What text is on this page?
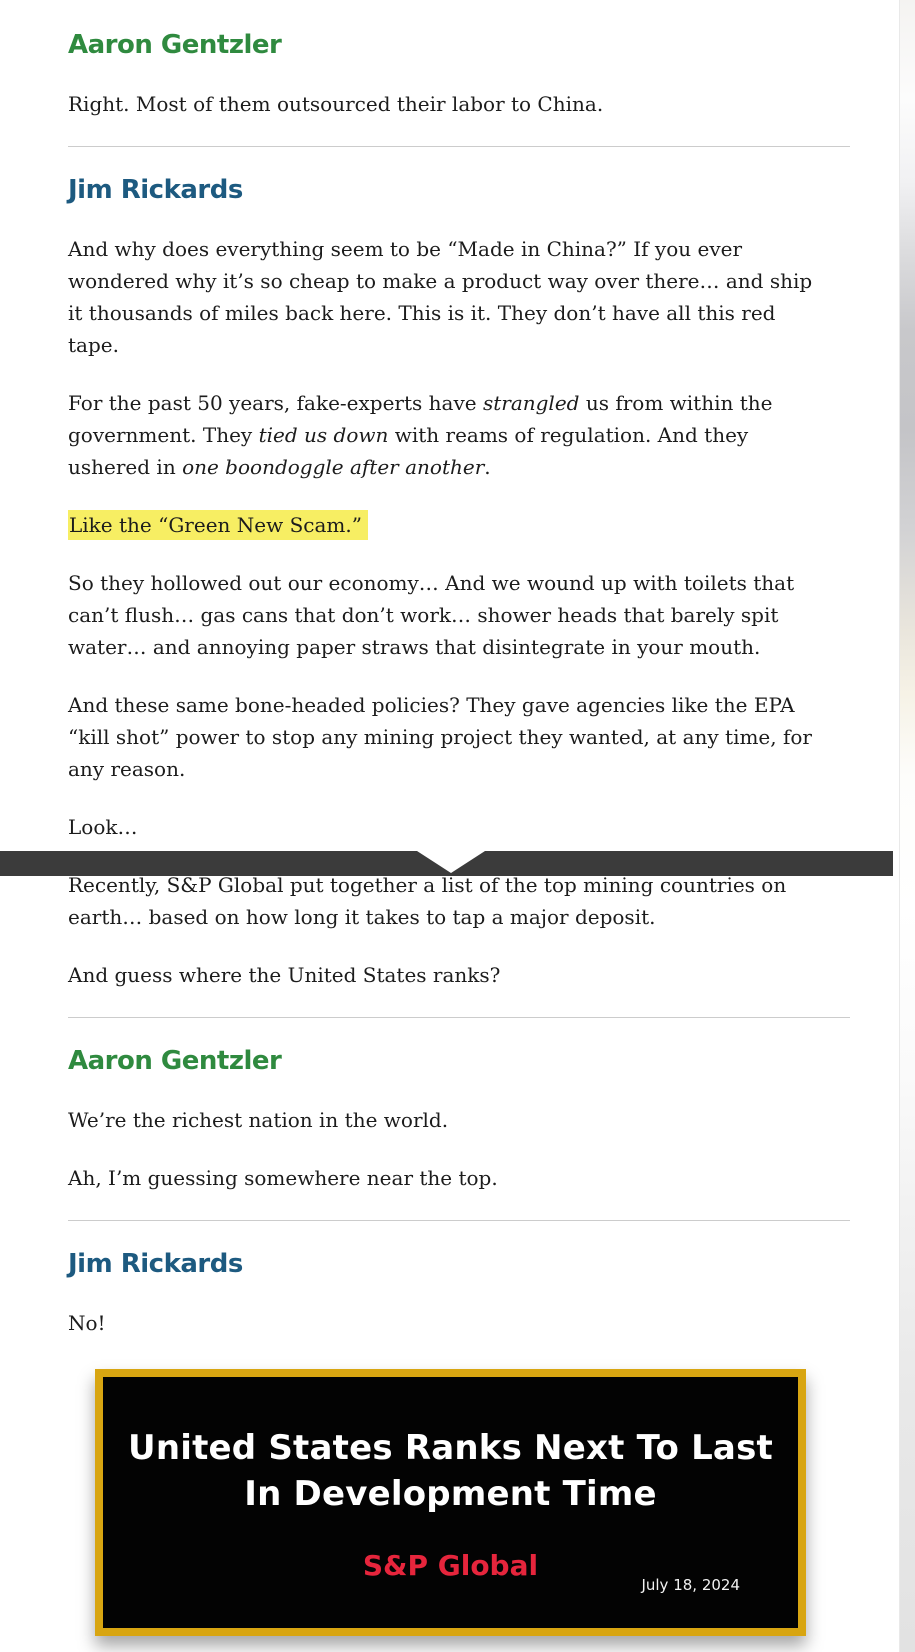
Aaron Gentzler

Right. Most of them outsourced their labor to China.

Jim Rickards

And why does everything seem to be “Made in China?” If you ever wondered why it’s so cheap to make a product way over there… and ship it thousands of miles back here. This is it. They don’t have all this red tape.

For the past 50 years, fake-experts have strangled us from within the government. They tied us down with reams of regulation. And they ushered in one boondoggle after another.

Like the “Green New Scam.”

So they hollowed out our economy… And we wound up with toilets that can’t flush… gas cans that don’t work… shower heads that barely spit water… and annoying paper straws that disintegrate in your mouth.

And these same bone-headed policies? They gave agencies like the EPA “kill shot” power to stop any mining project they wanted, at any time, for any reason.

Look…

Recently, S&P Global put together a list of the top mining countries on earth… based on how long it takes to tap a major deposit.

And guess where the United States ranks?

Aaron Gentzler

We’re the richest nation in the world.

Ah, I’m guessing somewhere near the top.

Jim Rickards

No!

United States Ranks Next To Last
In Development Time
S&P Global
July 18, 2024
